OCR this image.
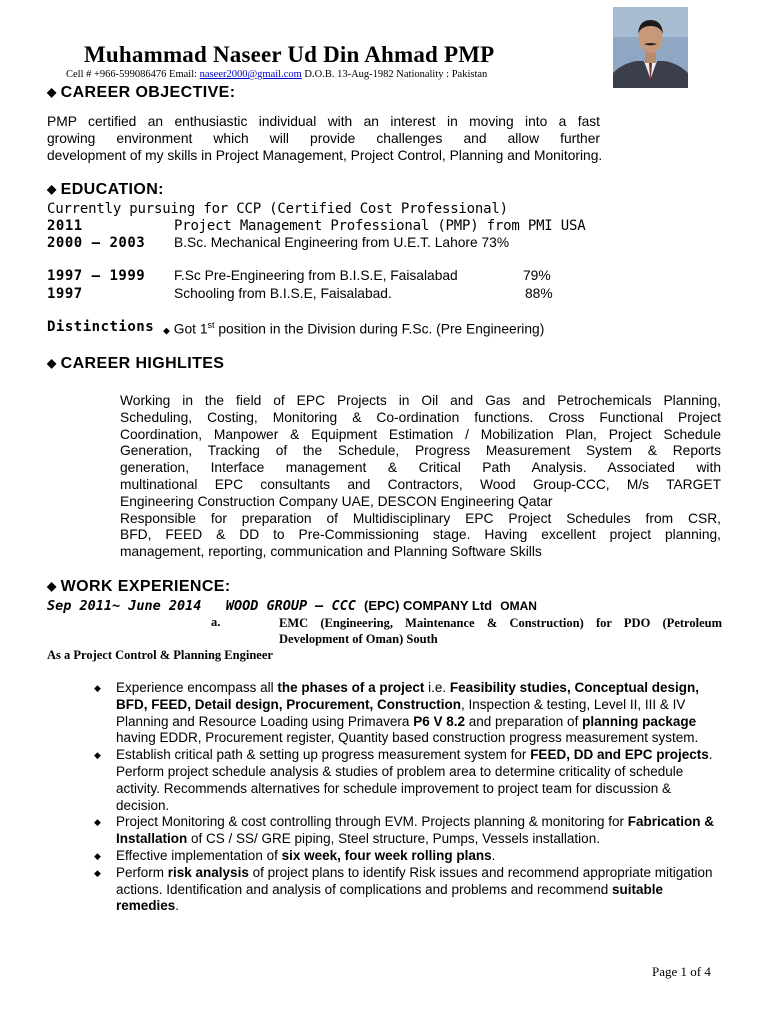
Muhammad Naseer Ud Din Ahmad PMP
Cell # +966-599086476 Email: naseer2000@gmail.com D.O.B. 13-Aug-1982 Nationality : Pakistan
◆ CAREER OBJECTIVE:
PMP certified an enthusiastic individual with an interest in moving into a fast
growing environment which will provide challenges and allow further
development of my skills in Project Management, Project Control, Planning and Monitoring.
◆ EDUCATION:
Currently pursuing for CCP (Certified Cost Professional)
2011	Project Management Professional (PMP) from PMI USA
2000 – 2003 B.Sc. Mechanical Engineering from U.E.T. Lahore 73%
1997 – 1999 F.Sc Pre-Engineering from B.I.S.E, Faisalabad	79%
1997	Schooling from B.I.S.E, Faisalabad.	88%
Distinctions ◆ Got 1st position in the Division during F.Sc. (Pre Engineering)
◆ CAREER HIGHLITES
Working in the field of EPC Projects in Oil and Gas and Petrochemicals Planning,
Scheduling, Costing, Monitoring & Co-ordination functions. Cross Functional Project
Coordination, Manpower & Equipment Estimation / Mobilization Plan, Project Schedule
Generation, Tracking of the Schedule, Progress Measurement System & Reports
generation, Interface management & Critical Path Analysis. Associated with
multinational EPC consultants and Contractors, Wood Group-CCC, M/s TARGET
Engineering Construction Company UAE, DESCON Engineering Qatar
Responsible for preparation of Multidisciplinary EPC Project Schedules from CSR,
BFD, FEED & DD to Pre-Commissioning stage. Having excellent project planning,
management, reporting, communication and Planning Software Skills
◆ WORK EXPERIENCE:
Sep 2011~ June 2014 WOOD GROUP – CCC (EPC) COMPANY Ltd OMAN
a.	EMC (Engineering, Maintenance & Construction) for PDO (Petroleum
Development of Oman) South
As a Project Control & Planning Engineer
◆ Experience encompass all the phases of a project i.e. Feasibility studies, Conceptual design, BFD, FEED, Detail design, Procurement, Construction, Inspection & testing, Level II, III & IV Planning and Resource Loading using Primavera P6 V 8.2 and preparation of planning package having EDDR, Procurement register, Quantity based construction progress measurement system.
◆ Establish critical path & setting up progress measurement system for FEED, DD and EPC projects. Perform project schedule analysis & studies of problem area to determine criticality of schedule activity. Recommends alternatives for schedule improvement to project team for discussion & decision.
◆ Project Monitoring & cost controlling through EVM. Projects planning & monitoring for Fabrication & Installation of CS / SS/ GRE piping, Steel structure, Pumps, Vessels installation.
◆ Effective implementation of six week, four week rolling plans.
◆ Perform risk analysis of project plans to identify Risk issues and recommend appropriate mitigation actions. Identification and analysis of complications and problems and recommend suitable remedies.
Page 1 of 4
